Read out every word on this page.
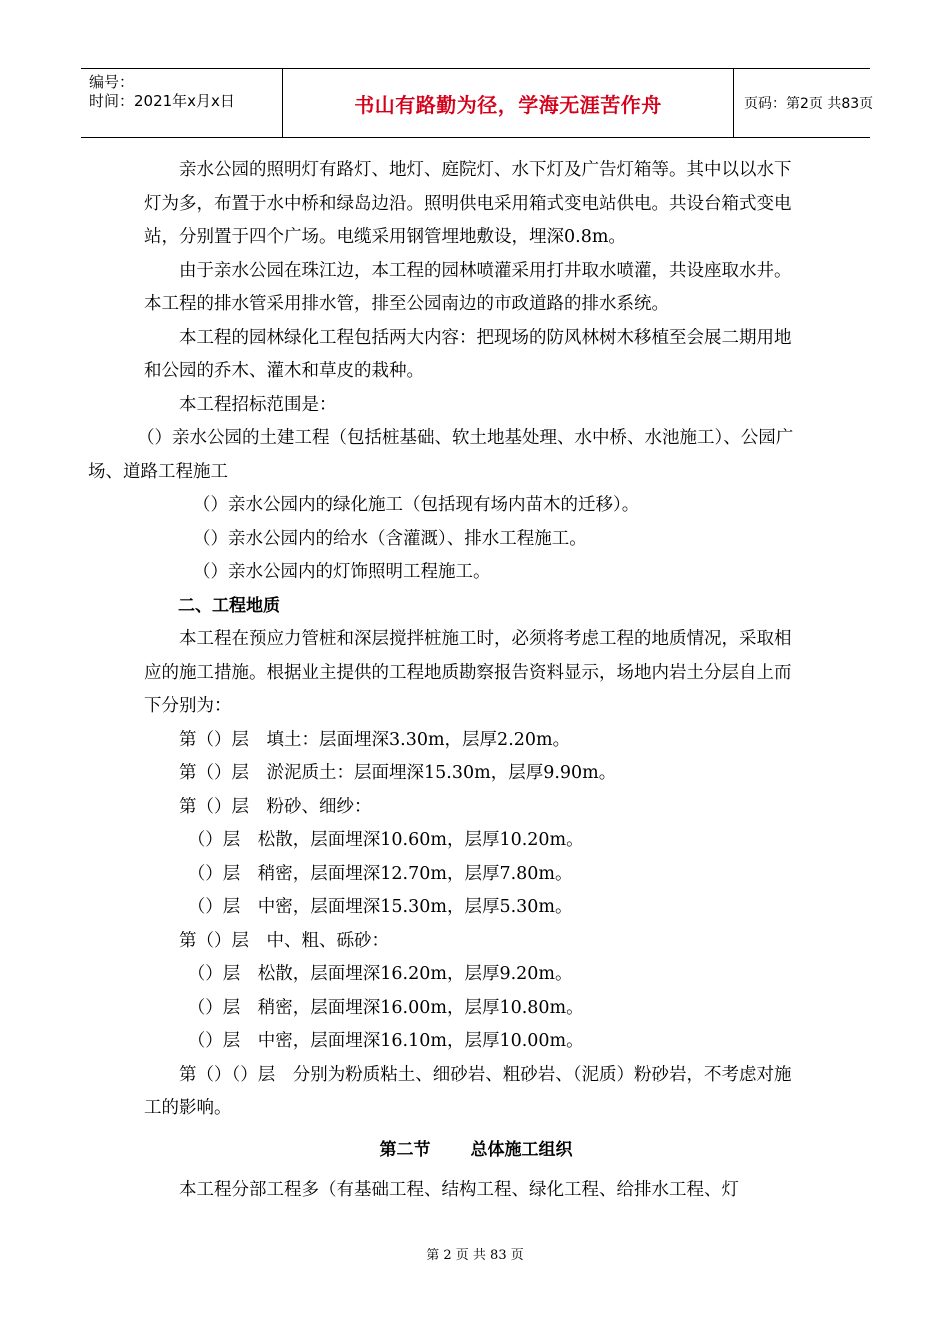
编号：
时间：2021年x月x日	书山有路勤为径，学海无涯苦作舟	页码：第2页 共83页

亲水公园的照明灯有路灯、地灯、庭院灯、水下灯及广告灯箱等。其中以以水下灯为多，布置于水中桥和绿岛边沿。照明供电采用箱式变电站供电。共设台箱式变电站，分别置于四个广场。电缆采用钢管埋地敷设，埋深0.8m。

由于亲水公园在珠江边，本工程的园林喷灌采用打井取水喷灌，共设座取水井。本工程的排水管采用排水管，排至公园南边的市政道路的排水系统。

本工程的园林绿化工程包括两大内容：把现场的防风林树木移植至会展二期用地和公园的乔木、灌木和草皮的栽种。

本工程招标范围是：

（）亲水公园的土建工程（包括桩基础、软土地基处理、水中桥、水池施工）、公园广场、道路工程施工

（）亲水公园内的绿化施工（包括现有场内苗木的迁移）。

（）亲水公园内的给水（含灌溉）、排水工程施工。

（）亲水公园内的灯饰照明工程施工。

二、工程地质

本工程在预应力管桩和深层搅拌桩施工时，必须将考虑工程的地质情况，采取相应的施工措施。根据业主提供的工程地质勘察报告资料显示，场地内岩土分层自上而下分别为：

第（）层　填土：层面埋深3.30m，层厚2.20m。

第（）层　淤泥质土：层面埋深15.30m，层厚9.90m。

第（）层　粉砂、细纱：

（）层　松散，层面埋深10.60m，层厚10.20m。

（）层　稍密，层面埋深12.70m，层厚7.80m。

（）层　中密，层面埋深15.30m，层厚5.30m。

第（）层　中、粗、砾砂：

（）层　松散，层面埋深16.20m，层厚9.20m。

（）层　稍密，层面埋深16.00m，层厚10.80m。

（）层　中密，层面埋深16.10m，层厚10.00m。

第（）（）层　分别为粉质粘土、细砂岩、粗砂岩、（泥质）粉砂岩，不考虑对施工的影响。

第二节 总体施工组织

本工程分部工程多（有基础工程、结构工程、绿化工程、给排水工程、灯

第 2 页 共 83 页
